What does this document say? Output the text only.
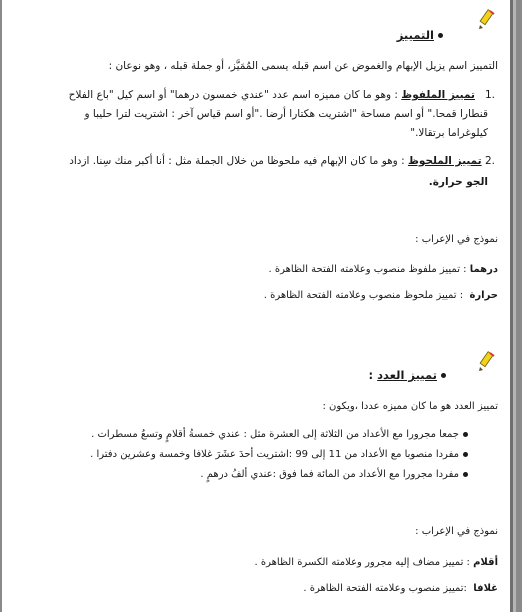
التمييز
التمييز اسم يزيل الإبهام والغموض عن اسم قبله يسمى المُمَيَّز، أو جملة قبله ، وهو نوعان :
.1   تمييز الملفوظ : وهو ما كان مميزه اسم عدد "عندي خمسون درهما" أو اسم كيل "باع الفلاح
قنطارا قمحا." أو اسم مساحة "اشتريت هكتارا أرضا ."أو اسم قياس آخر : اشتريت لترا حليبا و
كيلوغراما برتقالا."
.2 تمييز الملحوظ : وهو ما كان الإبهام فيه ملحوظا من خلال الجملة مثل : أنا أكبر منك سِنا. ازداد
الجو حرارة.
نموذج في الإعراب :
درهما : تمييز ملفوظ منصوب وعلامته الفتحة الظاهرة .
حرارة  : تمييز ملحوظ منصوب وعلامته الفتحة الظاهرة .
تمييز العدد :
تمييز العدد هو ما كان مميزه عددا ،ويكون :
جمعا مجرورا مع الأعداد من الثلاثة إلى العشرة مثل : عندي خمسةُ أقلامٍ وتسعُ مسطرات .
مفردا منصوبا مع الأعداد من 11 إلى 99 :اشتريت أحدَ عشَرَ غلافا وخمسة وعشرين دفترا .
مفردا مجرورا مع الأعداد من المائة فما فوق :عندي ألفُ درهمٍ .
نموذج في الإعراب :
أقلام : تمييز مضاف إليه مجرور وعلامته الكسرة الظاهرة .
غلافا  :تمييز منصوب وعلامته الفتحة الظاهرة .
